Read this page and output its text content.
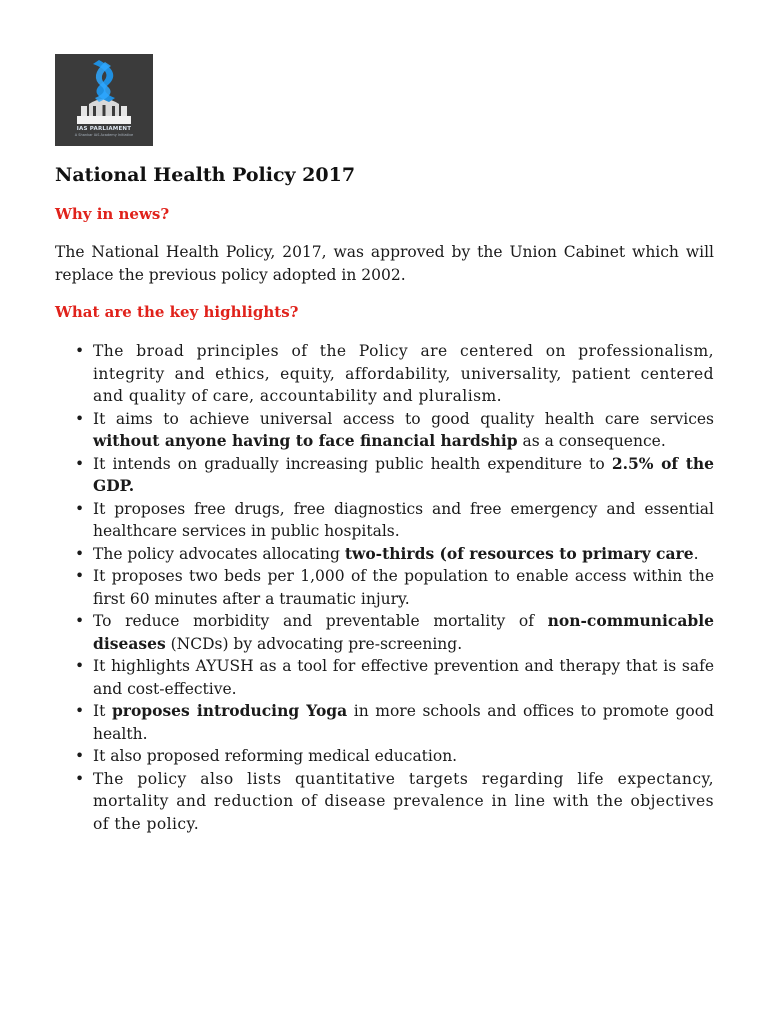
IAS PARLIAMENT
A Shankar IAS Academy Initiative
National Health Policy 2017
Why in news?

The National Health Policy, 2017, was approved by the Union Cabinet which will replace the previous policy adopted in 2002.

What are the key highlights?
• The broad principles of the Policy are centered on professionalism, integrity and ethics, equity, affordability, universality, patient centered and quality of care, accountability and pluralism.
• It aims to achieve universal access to good quality health care services without anyone having to face financial hardship as a consequence.
• It intends on gradually increasing public health expenditure to 2.5% of the GDP.
• It proposes free drugs, free diagnostics and free emergency and essential healthcare services in public hospitals.
• The policy advocates allocating two-thirds (of resources to primary care.
• It proposes two beds per 1,000 of the population to enable access within the first 60 minutes after a traumatic injury.
• To reduce morbidity and preventable mortality of non-communicable diseases (NCDs) by advocating pre-screening.
• It highlights AYUSH as a tool for effective prevention and therapy that is safe and cost-effective.
• It proposes introducing Yoga in more schools and offices to promote good health.
• It also proposed reforming medical education.
• The policy also lists quantitative targets regarding life expectancy, mortality and reduction of disease prevalence in line with the objectives of the policy.
